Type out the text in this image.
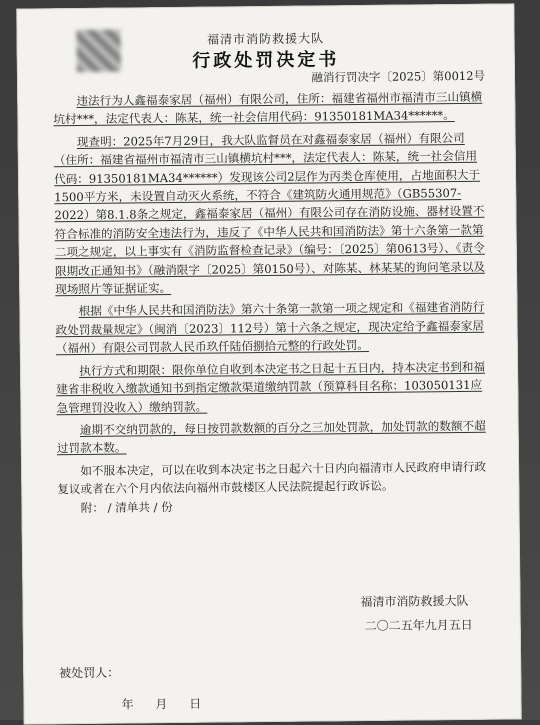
福清市消防救援大队
行政处罚决定书
融消行罚决字〔2025〕第0012号

违法行为人鑫福泰家居（福州）有限公司，住所：福建省福州市福清市三山镇横坑村***，法定代表人：陈某，统一社会信用代码：91350181MA34******。

现查明：2025年7月29日，我大队监督员在对鑫福泰家居（福州）有限公司（住所：福建省福州市福清市三山镇横坑村***，法定代表人：陈某，统一社会信用代码：91350181MA34******）发现该公司2层作为丙类仓库使用，占地面积大于1500平方米，未设置自动灭火系统，不符合《建筑防火通用规范》（GB55307-2022）第8.1.8条之规定，鑫福泰家居（福州）有限公司存在消防设施、器材设置不符合标准的消防安全违法行为，违反了《中华人民共和国消防法》第十六条第一款第二项之规定，以上事实有《消防监督检查记录》（编号：〔2025〕第0613号）、《责令限期改正通知书》（融消限字〔2025〕第0150号）、对陈某、林某某的询问笔录以及现场照片等证据证实。

根据《中华人民共和国消防法》第六十条第一款第一项之规定和《福建省消防行政处罚裁量规定》（闽消〔2023〕112号）第十六条之规定，现决定给予鑫福泰家居（福州）有限公司罚款人民币玖仟陆佰捌拾元整的行政处罚。

执行方式和期限：限你单位自收到本决定书之日起十五日内，持本决定书到和福建省非税收入缴款通知书到指定缴款渠道缴纳罚款（预算科目名称：103050131应急管理罚没收入）缴纳罚款。

逾期不交纳罚款的，每日按罚款数额的百分之三加处罚款，加处罚款的数额不超过罚款本数。

如不服本决定，可以在收到本决定书之日起六十日内向福清市人民政府申请行政复议或者在六个月内依法向福州市鼓楼区人民法院提起行政诉讼。

附： / 清单共 / 份

福清市消防救援大队
二〇二五年九月五日
被处罚人：
年 月 日
